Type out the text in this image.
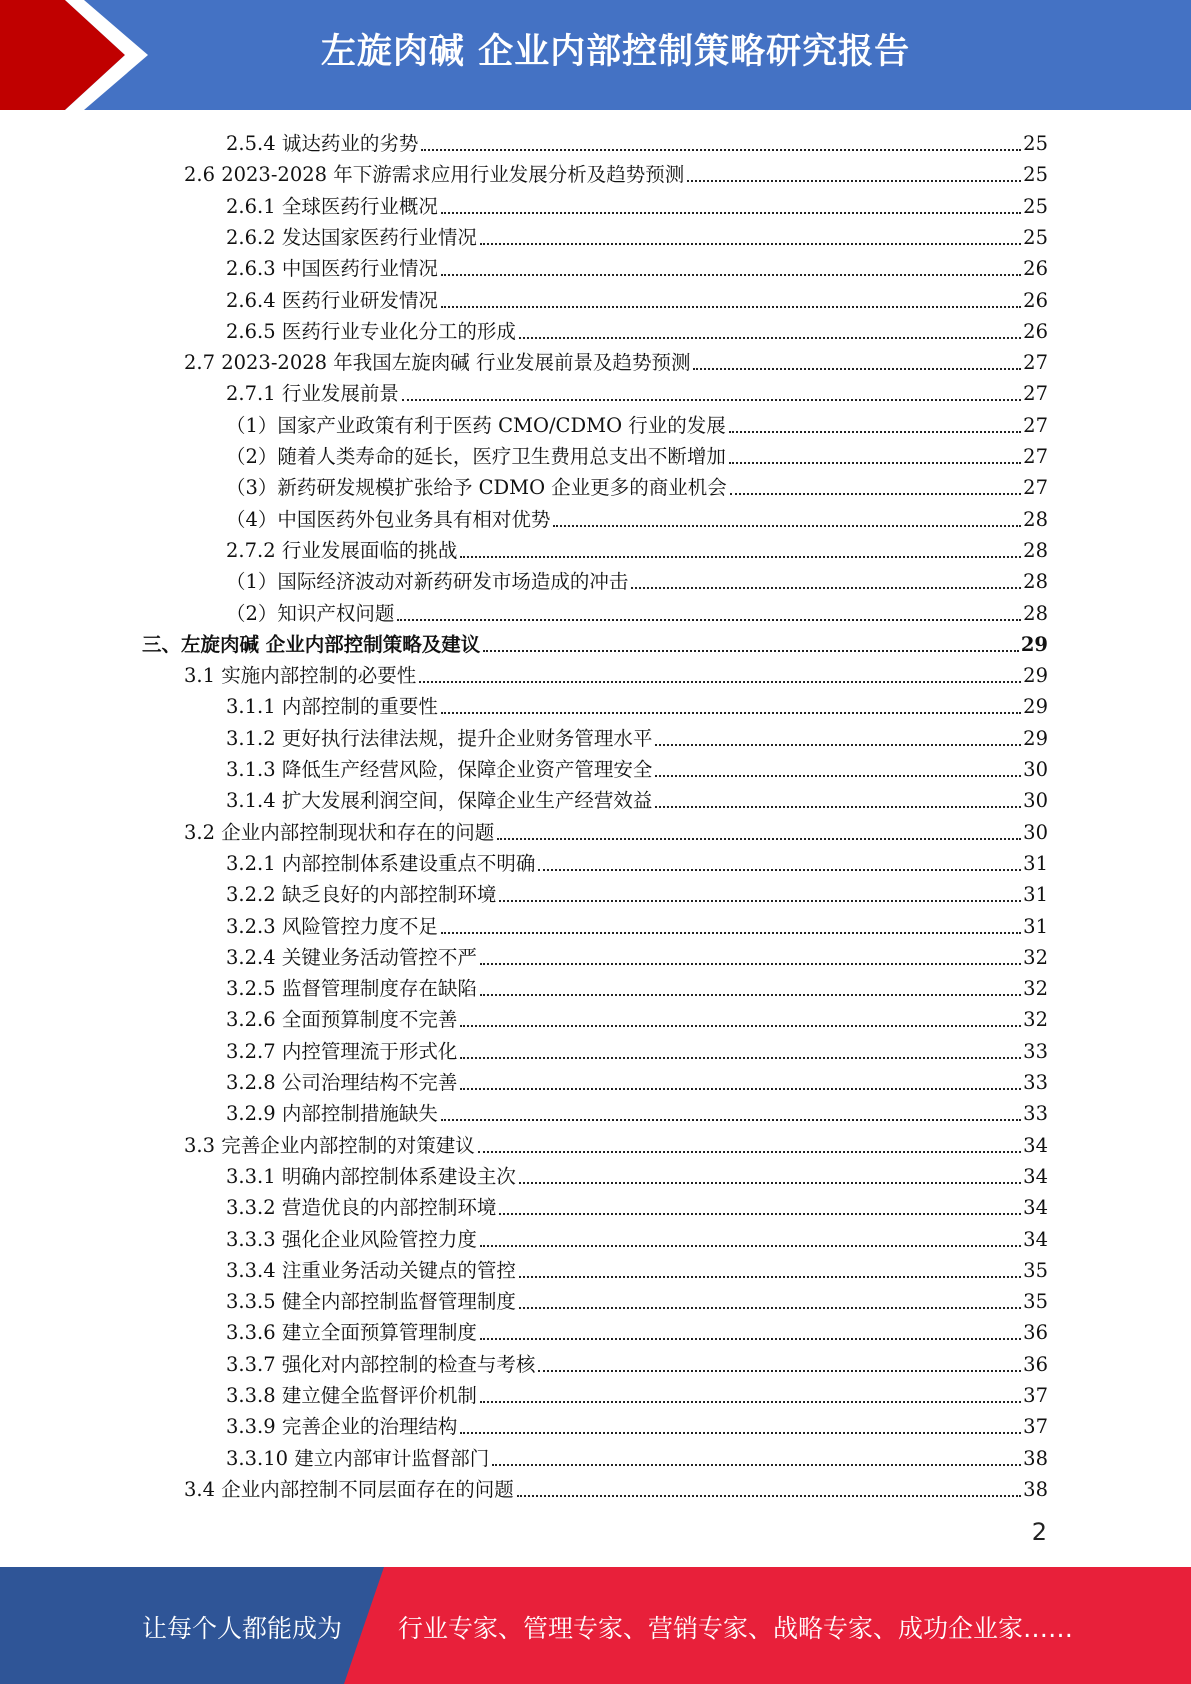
左旋肉碱 企业内部控制策略研究报告
2.5.4 诚达药业的劣势	25
2.6 2023-2028 年下游需求应用行业发展分析及趋势预测	25
2.6.1 全球医药行业概况	25
2.6.2 发达国家医药行业情况	25
2.6.3 中国医药行业情况	26
2.6.4 医药行业研发情况	26
2.6.5 医药行业专业化分工的形成	26
2.7 2023-2028 年我国左旋肉碱 行业发展前景及趋势预测	27
2.7.1 行业发展前景	27
（1）国家产业政策有利于医药 CMO/CDMO 行业的发展	27
（2）随着人类寿命的延长，医疗卫生费用总支出不断增加	27
（3）新药研发规模扩张给予 CDMO 企业更多的商业机会	27
（4）中国医药外包业务具有相对优势	28
2.7.2 行业发展面临的挑战	28
（1）国际经济波动对新药研发市场造成的冲击	28
（2）知识产权问题	28
三、左旋肉碱 企业内部控制策略及建议	29
3.1 实施内部控制的必要性	29
3.1.1 内部控制的重要性	29
3.1.2 更好执行法律法规，提升企业财务管理水平	29
3.1.3 降低生产经营风险，保障企业资产管理安全	30
3.1.4 扩大发展利润空间，保障企业生产经营效益	30
3.2 企业内部控制现状和存在的问题	30
3.2.1 内部控制体系建设重点不明确	31
3.2.2 缺乏良好的内部控制环境	31
3.2.3 风险管控力度不足	31
3.2.4 关键业务活动管控不严	32
3.2.5 监督管理制度存在缺陷	32
3.2.6 全面预算制度不完善	32
3.2.7 内控管理流于形式化	33
3.2.8 公司治理结构不完善	33
3.2.9 内部控制措施缺失	33
3.3 完善企业内部控制的对策建议	34
3.3.1 明确内部控制体系建设主次	34
3.3.2 营造优良的内部控制环境	34
3.3.3 强化企业风险管控力度	34
3.3.4 注重业务活动关键点的管控	35
3.3.5 健全内部控制监督管理制度	35
3.3.6 建立全面预算管理制度	36
3.3.7 强化对内部控制的检查与考核	36
3.3.8 建立健全监督评价机制	37
3.3.9 完善企业的治理结构	37
3.3.10 建立内部审计监督部门	38
3.4 企业内部控制不同层面存在的问题	38
2
让每个人都能成为 行业专家、管理专家、营销专家、战略专家、成功企业家……
